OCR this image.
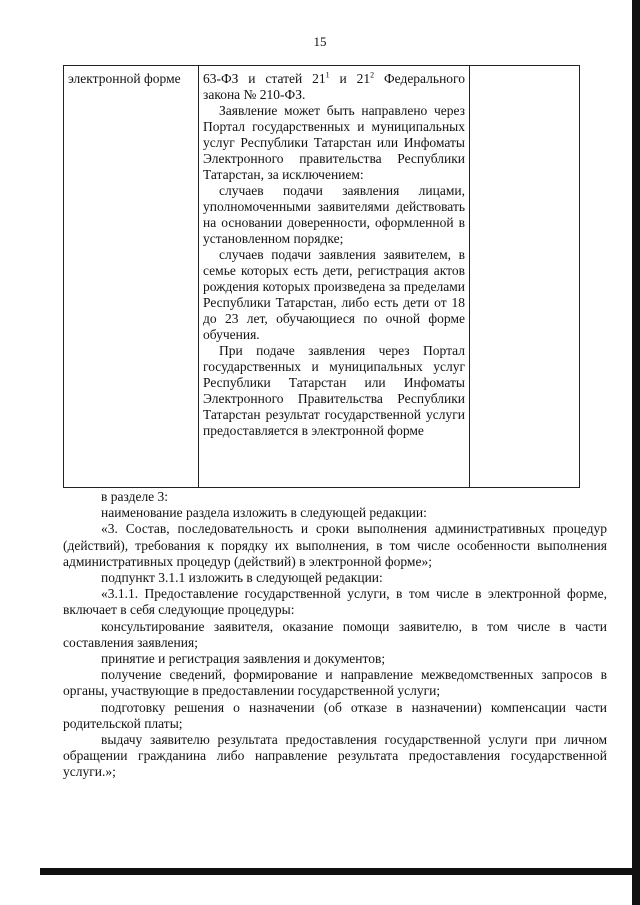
15
электронной форме	63-ФЗ и статей $21^1$ и $21^2$ Федерального закона № 210-ФЗ.

Заявление может быть направлено через Портал государственных и муниципальных услуг Республики Татарстан или Инфоматы Электронного правительства Республики Татарстан, за исключением:

случаев подачи заявления лицами, уполномоченными заявителями действовать на основании доверенности, оформленной в установленном порядке;

случаев подачи заявления заявителем, в семье которых есть дети, регистрация актов рождения которых произведена за пределами Республики Татарстан, либо есть дети от 18 до 23 лет, обучающиеся по очной форме обучения.

При подаче заявления через Портал государственных и муниципальных услуг Республики Татарстан или Инфоматы Электронного Правительства Республики Татарстан результат государственной услуги предоставляется в электронной форме

в разделе 3:

наименование раздела изложить в следующей редакции:

«3. Состав, последовательность и сроки выполнения административных процедур (действий), требования к порядку их выполнения, в том числе особенности выполнения административных процедур (действий) в электронной форме»;

подпункт 3.1.1 изложить в следующей редакции:

«3.1.1. Предоставление государственной услуги, в том числе в электронной форме, включает в себя следующие процедуры:

консультирование заявителя, оказание помощи заявителю, в том числе в части составления заявления;

принятие и регистрация заявления и документов;

получение сведений, формирование и направление межведомственных запросов в органы, участвующие в предоставлении государственной услуги;

подготовку решения о назначении (об отказе в назначении) компенсации части родительской платы;

выдачу заявителю результата предоставления государственной услуги при личном обращении гражданина либо направление результата предоставления государственной услуги.»;
